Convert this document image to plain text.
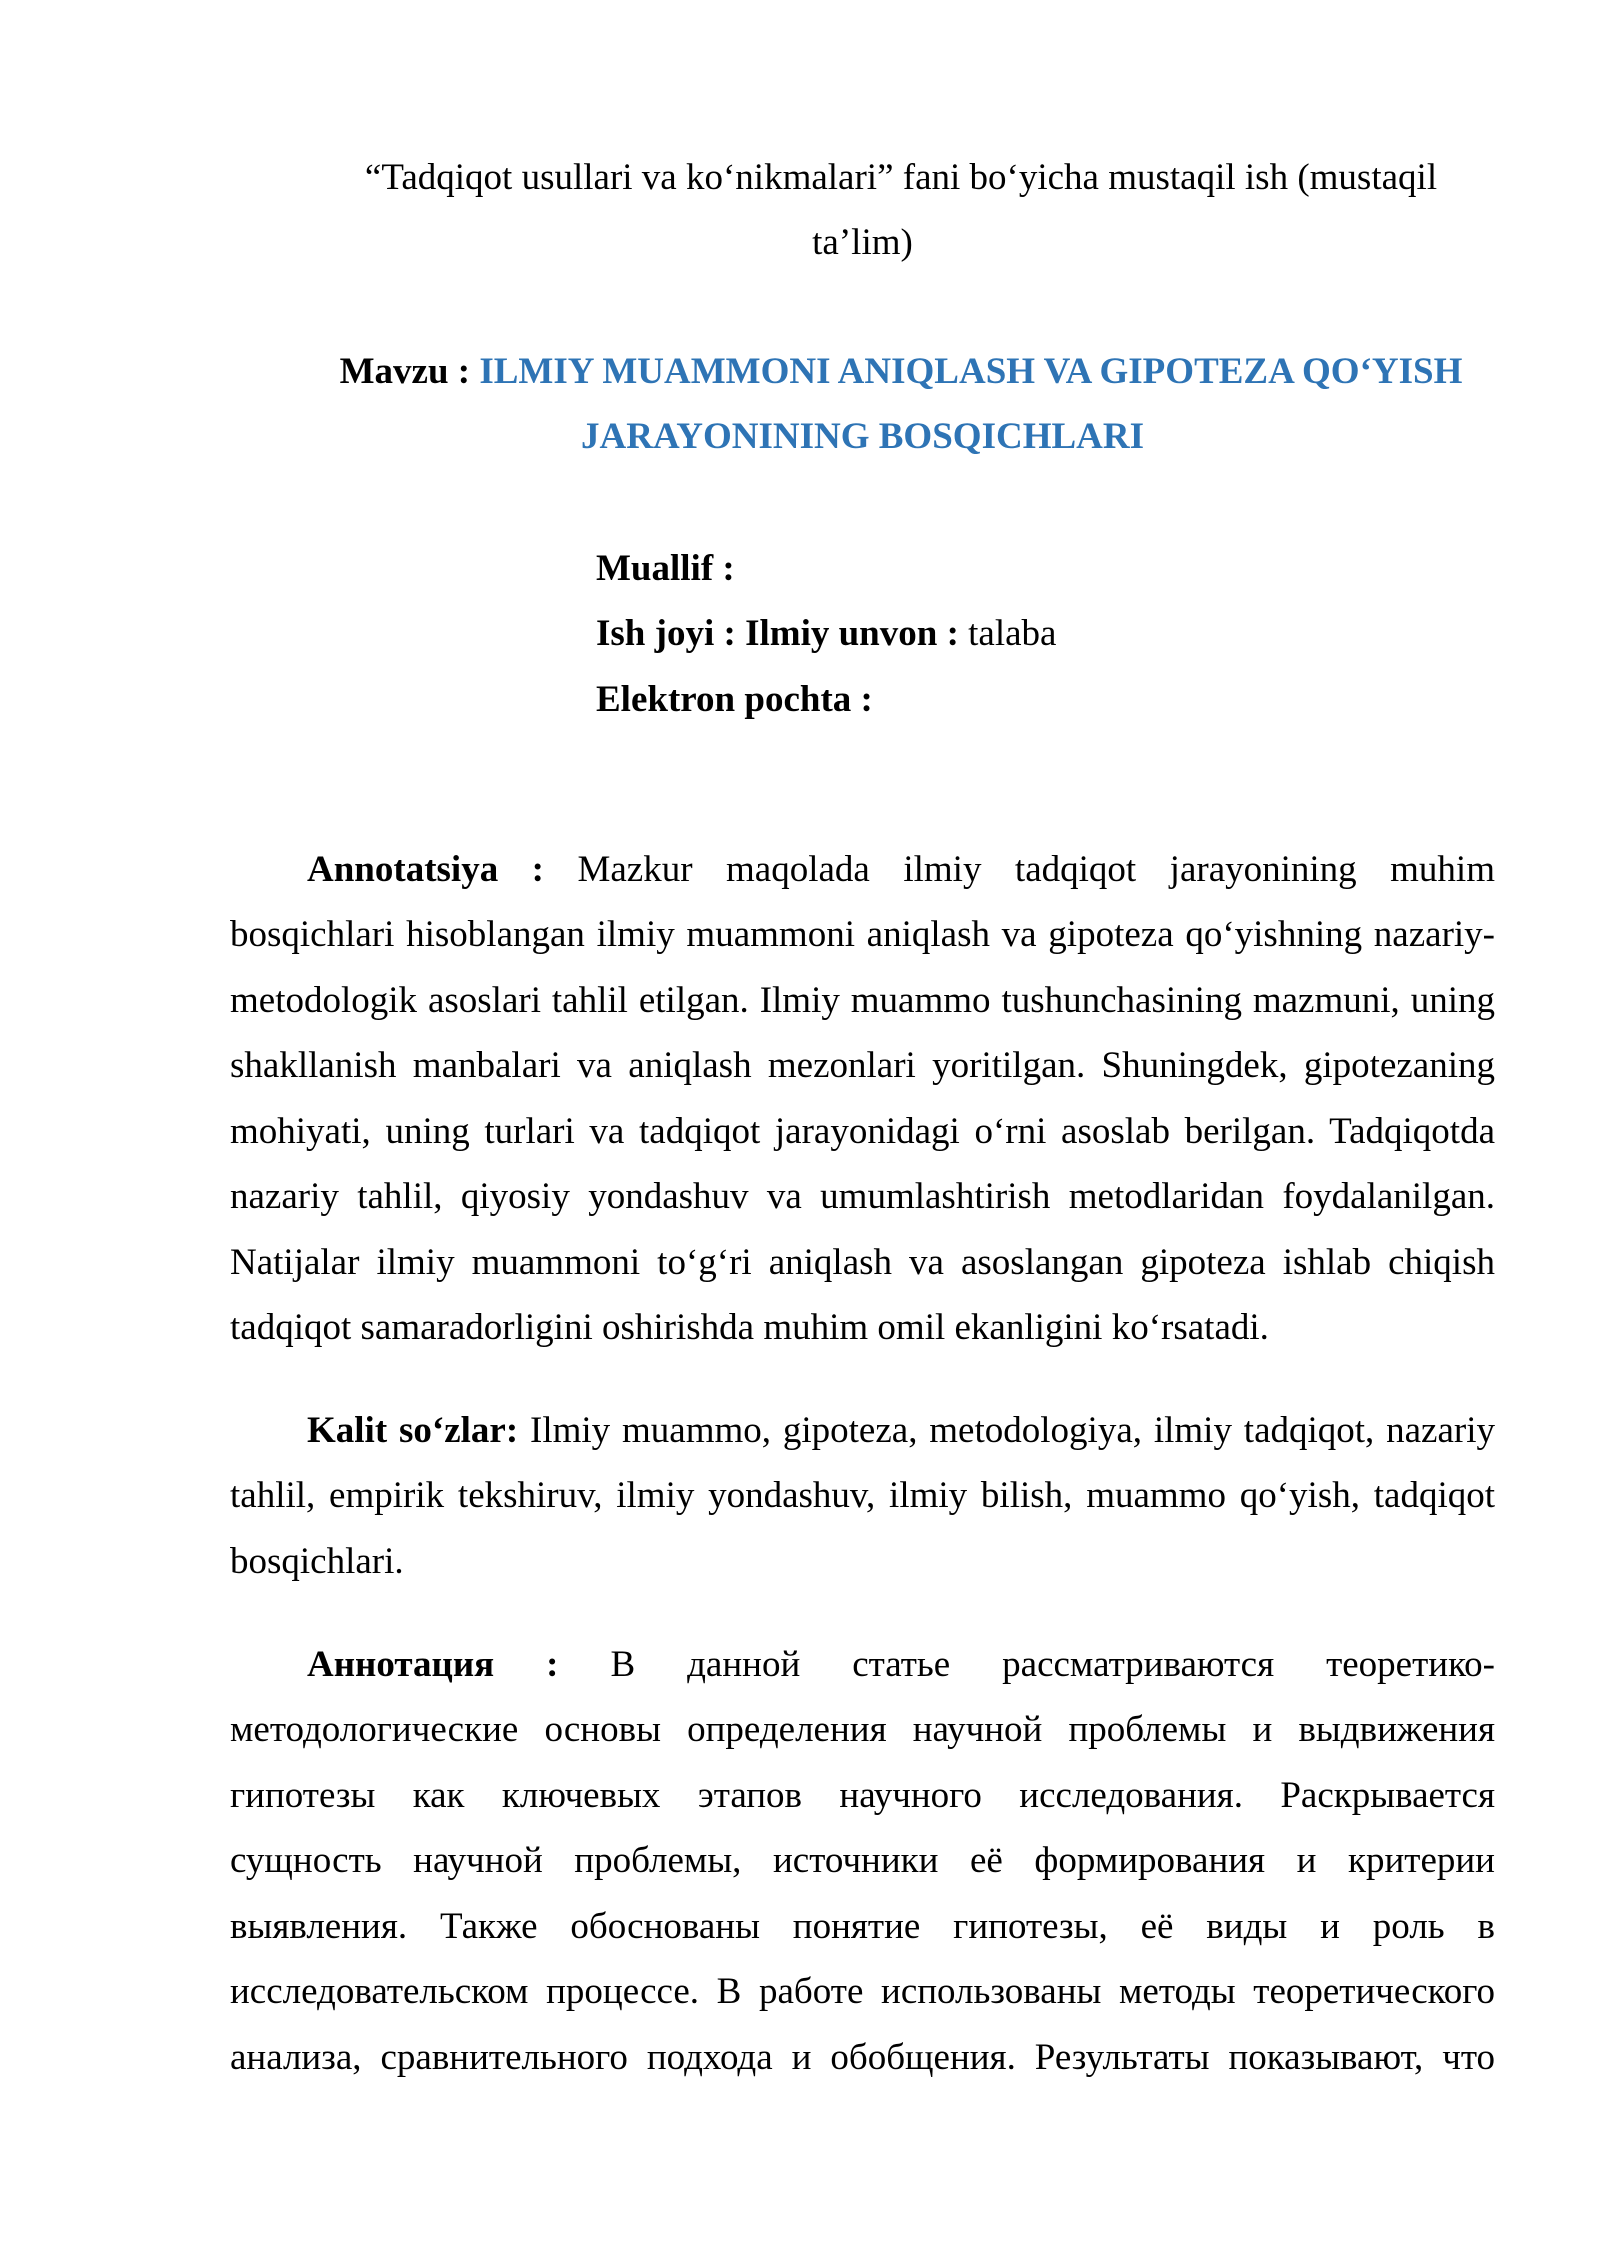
“Tadqiqot usullari va ko‘nikmalari” fani bo‘yicha mustaqil ish (mustaqil
ta’lim)
Mavzu : ILMIY MUAMMONI ANIQLASH VA GIPOTEZA QO‘YISH
JARAYONINING BOSQICHLARI
Muallif :
Ish joyi : Ilmiy unvon : talaba
Elektron pochta :
Annotatsiya : Mazkur maqolada ilmiy tadqiqot jarayonining muhim
bosqichlari hisoblangan ilmiy muammoni aniqlash va gipoteza qo‘yishning nazariy-
metodologik asoslari tahlil etilgan. Ilmiy muammo tushunchasining mazmuni, uning
shakllanish manbalari va aniqlash mezonlari yoritilgan. Shuningdek, gipotezaning
mohiyati, uning turlari va tadqiqot jarayonidagi o‘rni asoslab berilgan. Tadqiqotda
nazariy tahlil, qiyosiy yondashuv va umumlashtirish metodlaridan foydalanilgan.
Natijalar ilmiy muammoni to‘g‘ri aniqlash va asoslangan gipoteza ishlab chiqish
tadqiqot samaradorligini oshirishda muhim omil ekanligini ko‘rsatadi.
Kalit so‘zlar: Ilmiy muammo, gipoteza, metodologiya, ilmiy tadqiqot, nazariy
tahlil, empirik tekshiruv, ilmiy yondashuv, ilmiy bilish, muammo qo‘yish, tadqiqot
bosqichlari.
Аннотация : В данной статье рассматриваются теоретико-
методологические основы определения научной проблемы и выдвижения
гипотезы как ключевых этапов научного исследования. Раскрывается
сущность научной проблемы, источники её формирования и критерии
выявления. Также обоснованы понятие гипотезы, её виды и роль в
исследовательском процессе. В работе использованы методы теоретического
анализа, сравнительного подхода и обобщения. Результаты показывают, что
